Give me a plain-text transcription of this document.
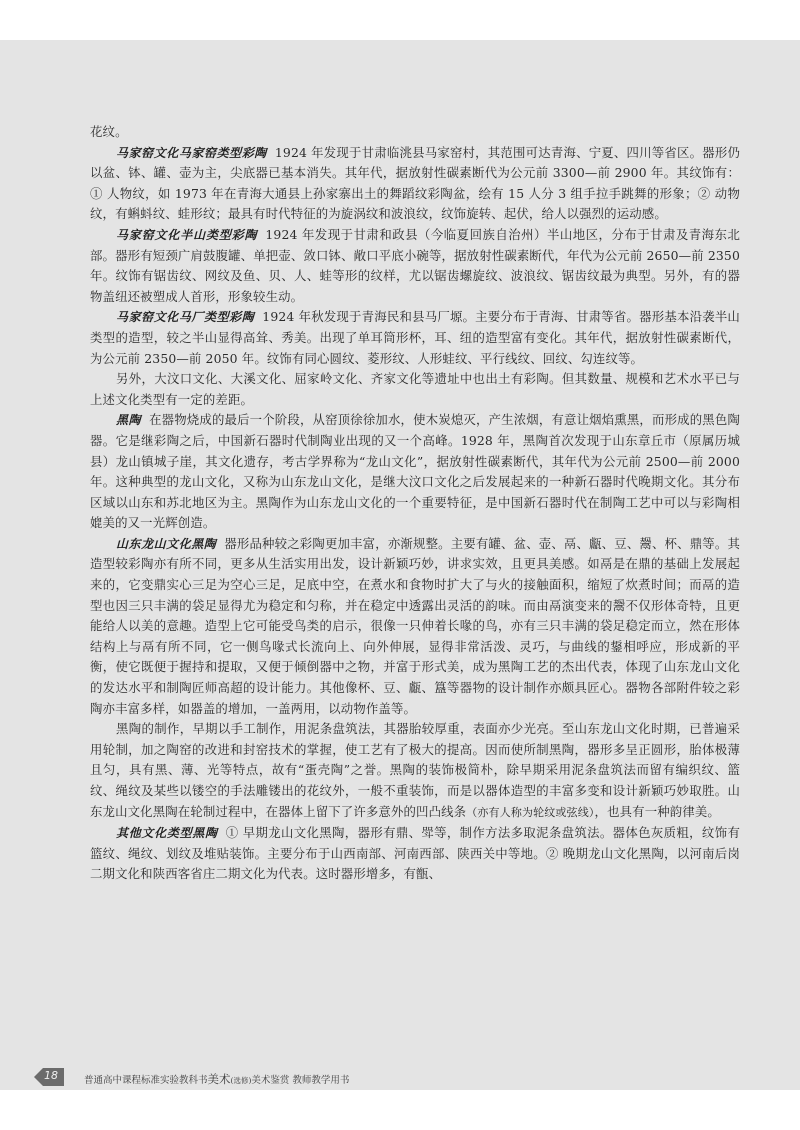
花纹。

马家窑文化马家窑类型彩陶 1924 年发现于甘肃临洮县马家窑村，其范围可达青海、宁夏、四川等省区。器形仍以盆、钵、罐、壶为主，尖底器已基本消失。其年代，据放射性碳素断代为公元前 3300—前 2900 年。其纹饰有：① 人物纹，如 1973 年在青海大通县上孙家寨出土的舞蹈纹彩陶盆，绘有 15 人分 3 组手拉手跳舞的形象；② 动物纹，有蝌蚪纹、蛙形纹；最具有时代特征的为旋涡纹和波浪纹，纹饰旋转、起伏，给人以强烈的运动感。

马家窑文化半山类型彩陶 1924 年发现于甘肃和政县（今临夏回族自治州）半山地区，分布于甘肃及青海东北部。器形有短颈广肩鼓腹罐、单把壶、敛口钵、敞口平底小碗等，据放射性碳素断代，年代为公元前 2650—前 2350 年。纹饰有锯齿纹、网纹及鱼、贝、人、蛙等形的纹样，尤以锯齿螺旋纹、波浪纹、锯齿纹最为典型。另外，有的器物盖纽还被塑成人首形，形象较生动。

马家窑文化马厂类型彩陶 1924 年秋发现于青海民和县马厂塬。主要分布于青海、甘肃等省。器形基本沿袭半山类型的造型，较之半山显得高耸、秀美。出现了单耳筒形杯，耳、纽的造型富有变化。其年代，据放射性碳素断代，为公元前 2350—前 2050 年。纹饰有同心圆纹、菱形纹、人形蛙纹、平行线纹、回纹、勾连纹等。

另外，大汶口文化、大溪文化、屈家岭文化、齐家文化等遗址中也出土有彩陶。但其数量、规模和艺术水平已与上述文化类型有一定的差距。

黑陶 在器物烧成的最后一个阶段，从窑顶徐徐加水，使木炭熄灭，产生浓烟，有意让烟焰熏黑，而形成的黑色陶器。它是继彩陶之后，中国新石器时代制陶业出现的又一个高峰。1928 年，黑陶首次发现于山东章丘市（原属历城县）龙山镇城子崖，其文化遗存，考古学界称为“龙山文化”，据放射性碳素断代，其年代为公元前 2500—前 2000 年。这种典型的龙山文化，又称为山东龙山文化，是继大汶口文化之后发展起来的一种新石器时代晚期文化。其分布区域以山东和苏北地区为主。黑陶作为山东龙山文化的一个重要特征，是中国新石器时代在制陶工艺中可以与彩陶相媲美的又一光辉创造。

山东龙山文化黑陶 器形品种较之彩陶更加丰富，亦渐规整。主要有罐、盆、壶、鬲、甗、豆、鬶、杯、鼎等。其造型较彩陶亦有所不同，更多从生活实用出发，设计新颖巧妙，讲求实效，且更具美感。如鬲是在鼎的基础上发展起来的，它变鼎实心三足为空心三足，足底中空，在煮水和食物时扩大了与火的接触面积，缩短了炊煮时间；而鬲的造型也因三只丰满的袋足显得尤为稳定和匀称，并在稳定中透露出灵活的韵味。而由鬲演变来的鬶不仅形体奇特，且更能给人以美的意趣。造型上它可能受鸟类的启示，很像一只伸着长喙的鸟，亦有三只丰满的袋足稳定而立，然在形体结构上与鬲有所不同，它一侧鸟喙式长流向上、向外伸展，显得非常活泼、灵巧，与曲线的鋬相呼应，形成新的平衡，使它既便于握持和提取，又便于倾倒器中之物，并富于形式美，成为黑陶工艺的杰出代表，体现了山东龙山文化的发达水平和制陶匠师高超的设计能力。其他像杯、豆、甗、簋等器物的设计制作亦颇具匠心。器物各部附件较之彩陶亦丰富多样，如器盖的增加，一盖两用，以动物作盖等。

黑陶的制作，早期以手工制作，用泥条盘筑法，其器胎较厚重，表面亦少光亮。至山东龙山文化时期，已普遍采用轮制，加之陶窑的改进和封窑技术的掌握，使工艺有了极大的提高。因而使所制黑陶，器形多呈正圆形，胎体极薄且匀，具有黑、薄、光等特点，故有“蛋壳陶”之誉。黑陶的装饰极简朴，除早期采用泥条盘筑法而留有编织纹、篮纹、绳纹及某些以镂空的手法雕镂出的花纹外，一般不重装饰，而是以器体造型的丰富多变和设计新颖巧妙取胜。山东龙山文化黑陶在轮制过程中，在器体上留下了许多意外的凹凸线条（亦有人称为轮纹或弦线），也具有一种韵律美。

其他文化类型黑陶 ① 早期龙山文化黑陶，器形有鼎、斝等，制作方法多取泥条盘筑法。器体色灰质粗，纹饰有篮纹、绳纹、划纹及堆贴装饰。主要分布于山西南部、河南西部、陕西关中等地。② 晚期龙山文化黑陶，以河南后岗二期文化和陕西客省庄二期文化为代表。这时器形增多，有甑、

18	普通高中课程标准实验教科书美术(选修)美术鉴赏 教师教学用书
